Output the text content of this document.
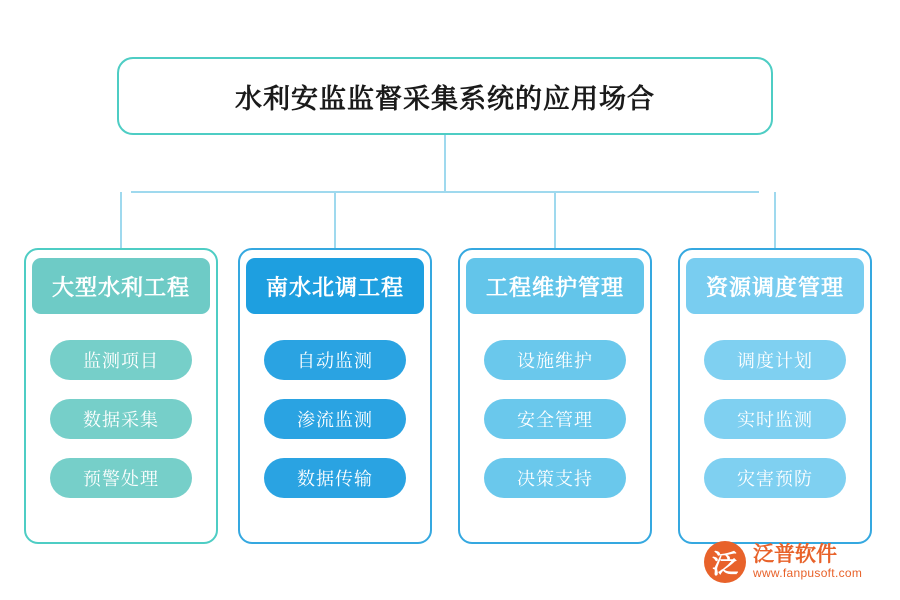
水利安监监督采集系统的应用场合
大型水利工程
监测项目
数据采集
预警处理
南水北调工程
自动监测
渗流监测
数据传输
工程维护管理
设施维护
安全管理
决策支持
资源调度管理
调度计划
实时监测
灾害预防
泛 泛普软件
www.fanpusoft.com
